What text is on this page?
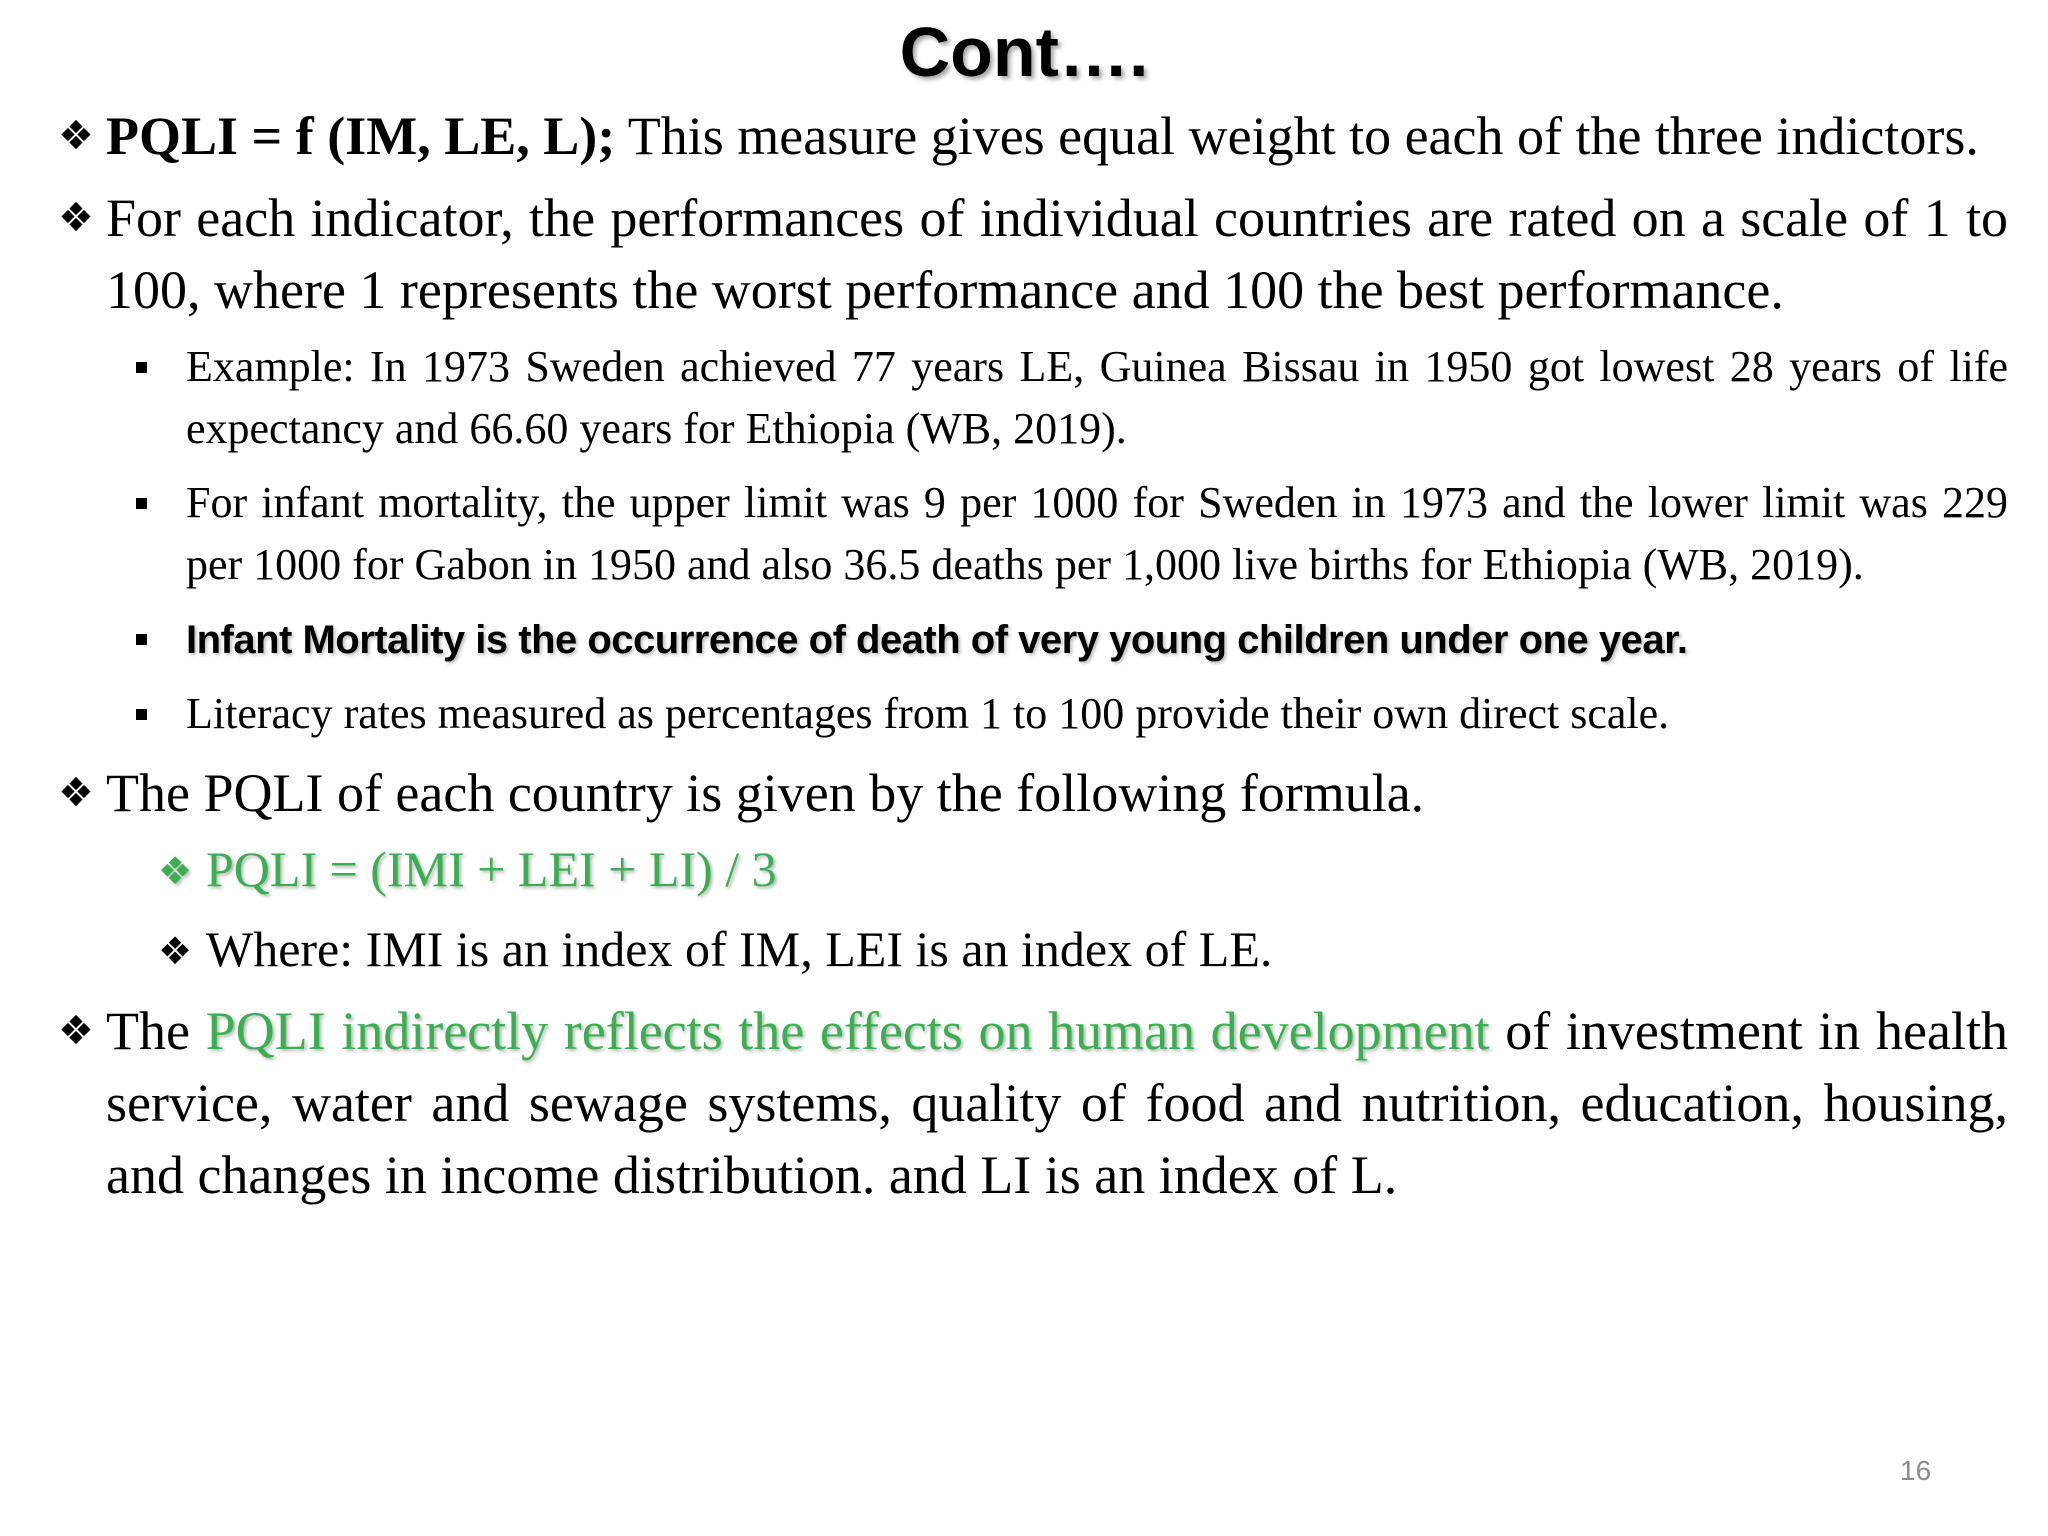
Cont….
❖ PQLI = f (IM, LE, L); This measure gives equal weight to each of the three indictors.
❖ For each indicator, the performances of individual countries are rated on a scale of 1 to 100, where 1 represents the worst performance and 100 the best performance.
Example: In 1973 Sweden achieved 77 years LE, Guinea Bissau in 1950 got lowest 28 years of life expectancy and 66.60 years for Ethiopia (WB, 2019).
For infant mortality, the upper limit was 9 per 1000 for Sweden in 1973 and the lower limit was 229 per 1000 for Gabon in 1950 and also 36.5 deaths per 1,000 live births for Ethiopia (WB, 2019).
Infant Mortality is the occurrence of death of very young children under one year.
Literacy rates measured as percentages from 1 to 100 provide their own direct scale.
❖ The PQLI of each country is given by the following formula.
❖ PQLI = (IMI + LEI + LI) / 3
❖ Where: IMI is an index of IM, LEI is an index of LE.
❖ The PQLI indirectly reflects the effects on human development of investment in health service, water and sewage systems, quality of food and nutrition, education, housing, and changes in income distribution. and LI is an index of L.
16
